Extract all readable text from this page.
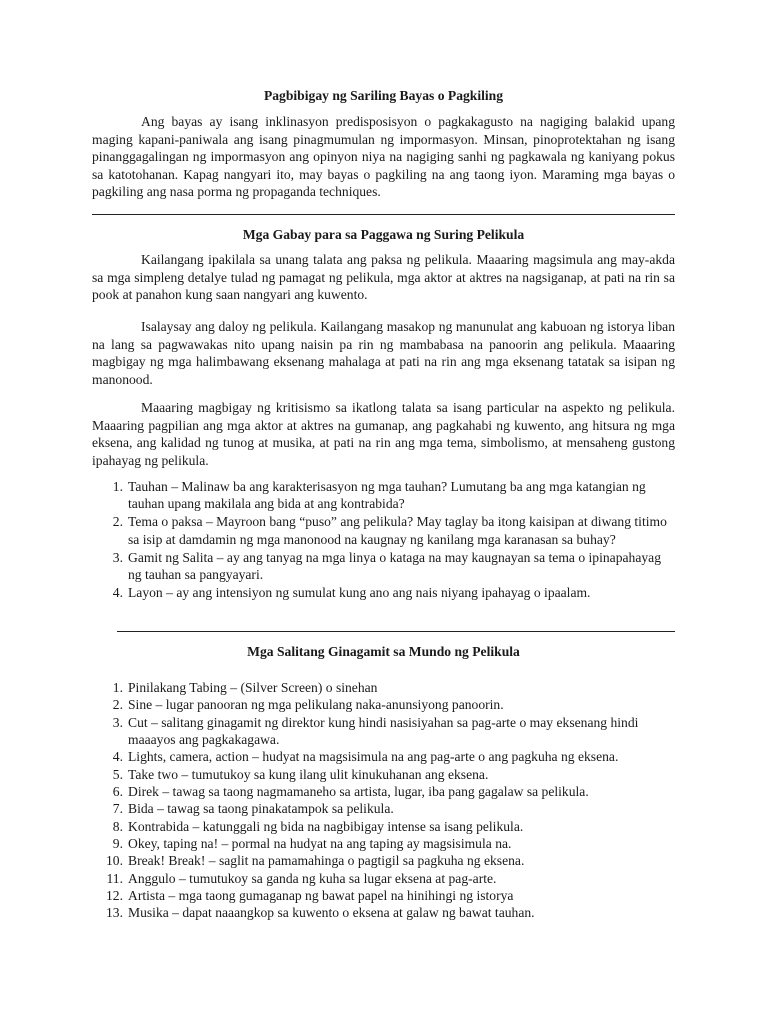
Pagbibigay ng Sariling Bayas o Pagkiling

Ang bayas ay isang inklinasyon predisposisyon o pagkakagusto na nagiging balakid upang maging kapani-paniwala ang isang pinagmumulan ng impormasyon. Minsan, pinoprotektahan ng isang pinanggagalingan ng impormasyon ang opinyon niya na nagiging sanhi ng pagkawala ng kaniyang pokus sa katotohanan. Kapag nangyari ito, may bayas o pagkiling na ang taong iyon. Maraming mga bayas o pagkiling ang nasa porma ng propaganda techniques.

Mga Gabay para sa Paggawa ng Suring Pelikula

Kailangang ipakilala sa unang talata ang paksa ng pelikula. Maaaring magsimula ang may-akda sa mga simpleng detalye tulad ng pamagat ng pelikula, mga aktor at aktres na nagsiganap, at pati na rin sa pook at panahon kung saan nangyari ang kuwento.

Isalaysay ang daloy ng pelikula. Kailangang masakop ng manunulat ang kabuoan ng istorya liban na lang sa pagwawakas nito upang naisin pa rin ng mambabasa na panoorin ang pelikula. Maaaring magbigay ng mga halimbawang eksenang mahalaga at pati na rin ang mga eksenang tatatak sa isipan ng manonood.

Maaaring magbigay ng kritisismo sa ikatlong talata sa isang particular na aspekto ng pelikula. Maaaring pagpilian ang mga aktor at aktres na gumanap, ang pagkahabi ng kuwento, ang hitsura ng mga eksena, ang kalidad ng tunog at musika, at pati na rin ang mga tema, simbolismo, at mensaheng gustong ipahayag ng pelikula.

1. Tauhan – Malinaw ba ang karakterisasyon ng mga tauhan? Lumutang ba ang mga katangian ng tauhan upang makilala ang bida at ang kontrabida?
2. Tema o paksa – Mayroon bang “puso” ang pelikula? May taglay ba itong kaisipan at diwang titimo sa isip at damdamin ng mga manonood na kaugnay ng kanilang mga karanasan sa buhay?
3. Gamit ng Salita – ay ang tanyag na mga linya o kataga na may kaugnayan sa tema o ipinapahayag ng tauhan sa pangyayari.
4. Layon – ay ang intensiyon ng sumulat kung ano ang nais niyang ipahayag o ipaalam.
Mga Salitang Ginagamit sa Mundo ng Pelikula
1. Pinilakang Tabing – (Silver Screen) o sinehan
2. Sine – lugar panooran ng mga pelikulang naka-anunsiyong panoorin.
3. Cut – salitang ginagamit ng direktor kung hindi nasisiyahan sa pag-arte o may eksenang hindi maaayos ang pagkakagawa.
4. Lights, camera, action – hudyat na magsisimula na ang pag-arte o ang pagkuha ng eksena.
5. Take two – tumutukoy sa kung ilang ulit kinukuhanan ang eksena.
6. Direk – tawag sa taong nagmamaneho sa artista, lugar, iba pang gagalaw sa pelikula.
7. Bida – tawag sa taong pinakatampok sa pelikula.
8. Kontrabida – katunggali ng bida na nagbibigay intense sa isang pelikula.
9. Okey, taping na! – pormal na hudyat na ang taping ay magsisimula na.
10. Break! Break! – saglit na pamamahinga o pagtigil sa pagkuha ng eksena.
11. Anggulo – tumutukoy sa ganda ng kuha sa lugar eksena at pag-arte.
12. Artista – mga taong gumaganap ng bawat papel na hinihingi ng istorya
13. Musika – dapat naaangkop sa kuwento o eksena at galaw ng bawat tauhan.
